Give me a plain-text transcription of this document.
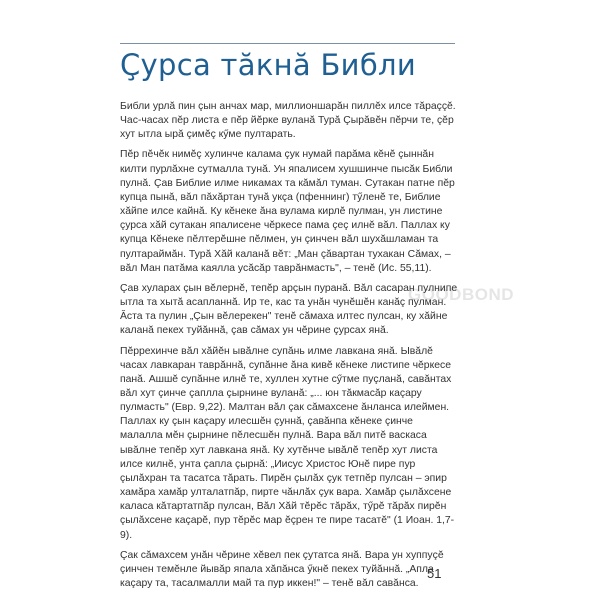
Çурса тăкнă Библи

Библи урлă пин çын анчах мар, миллионшарăн пиллĕх илсе тăраççĕ. Час-часах пĕр листа е пĕр йĕрке вуланă Турă Çырăвĕн пĕрчи те, çĕр хут ытла ырă çимĕç кӳме пултарать.

Пĕр пĕчĕк нимĕç хулинче калама çук нумай парăма кĕнĕ çыннăн килти пурлăхне сутмалла тунă. Ун япалисем хушшинче пысăк Библи пулнă. Çав Библие илме никамах та кăмăл туман. Сутакан патне пĕр купца пынă, вăл пăхăртан тунă укçа (пфеннинг) тӳленĕ те, Библие хăйпе илсе кайнă. Ку кĕнеке ăна вулама кирлĕ пулман, ун листине çурса хăй сутакан япалисене чĕркесе пама çеç илнĕ вăл. Паллах ку купца Кĕнеке пĕлтерĕшне пĕлмен, ун çинчен вăл шухăшламан та пултараймăн. Турă Хăй каланă вĕт: „Ман çăвартан тухакан Сăмах, – вăл Ман патăма каялла усăсăр таврăнмасть", – тенĕ (Ис. 55,11).

Çав хуларах çын вĕлернĕ, тепĕр арçын пуранă. Вăл сасаран пулнипе ытла та хытă асапланнă. Ир те, кас та унăн чунĕшĕн канăç пулман. Ăста та пулин „Çын вĕлерекен" тенĕ сăмаха илтес пулсан, ку хăйне каланă пекех туйăннă, çав сăмах ун чĕрине çурсах янă.

Пĕррехинче вăл хăйĕн ывăлне супăнь илме лавкана янă. Ывăлĕ часах лавкаран таврăннă, супăнне ăна кивĕ кĕнеке листипе чĕркесе панă. Ашшĕ супăнне илнĕ те, хуллен хутне сӳтме пуçланă, савăнтах вăл хут çинче çаплла çырнине вуланă: „... юн тăкмасăр каçару пулмасть" (Евр. 9,22). Малтан вăл çак сăмахсене ăнланса илеймен. Паллах ку çын каçару илесшĕн çуннă, çавăнпа кĕнеке çинче малалла мĕн çырнине пĕлесшĕн пулнă. Вара вăл питĕ васкаса ывăлне тепĕр хут лавкана янă. Ку хутĕнче ывăлĕ тепĕр хут листа илсе килнĕ, унта çапла çырнă: „Иисус Христос Юнĕ пире пур çылăхран та тасатса тăрать. Пирĕн çылăх çук тетпĕр пулсан – эпир хамăра хамăр улталатпăр, пирте чăнлăх çук вара. Хамăр çылăхсене каласа кăтартатпăр пулсан, Вăл Хăй тĕрĕс тăрăх, тӳрĕ тăрăх пирĕн çылăхсене каçарĕ, пур тĕрĕс мар ĕçрен те пире тасатĕ" (1 Иоан. 1,7-9).

Çак сăмахсем унăн чĕрине хĕвел пек çутатса янă. Вара ун хуппуçĕ çинчен темĕнле йывăр япала хăпăнса ӳкнĕ пекех туйăннă. „Апла каçару та, тасалмалли май та пур иккен!" – тенĕ вăл савăнса.

GOODBOND
51
